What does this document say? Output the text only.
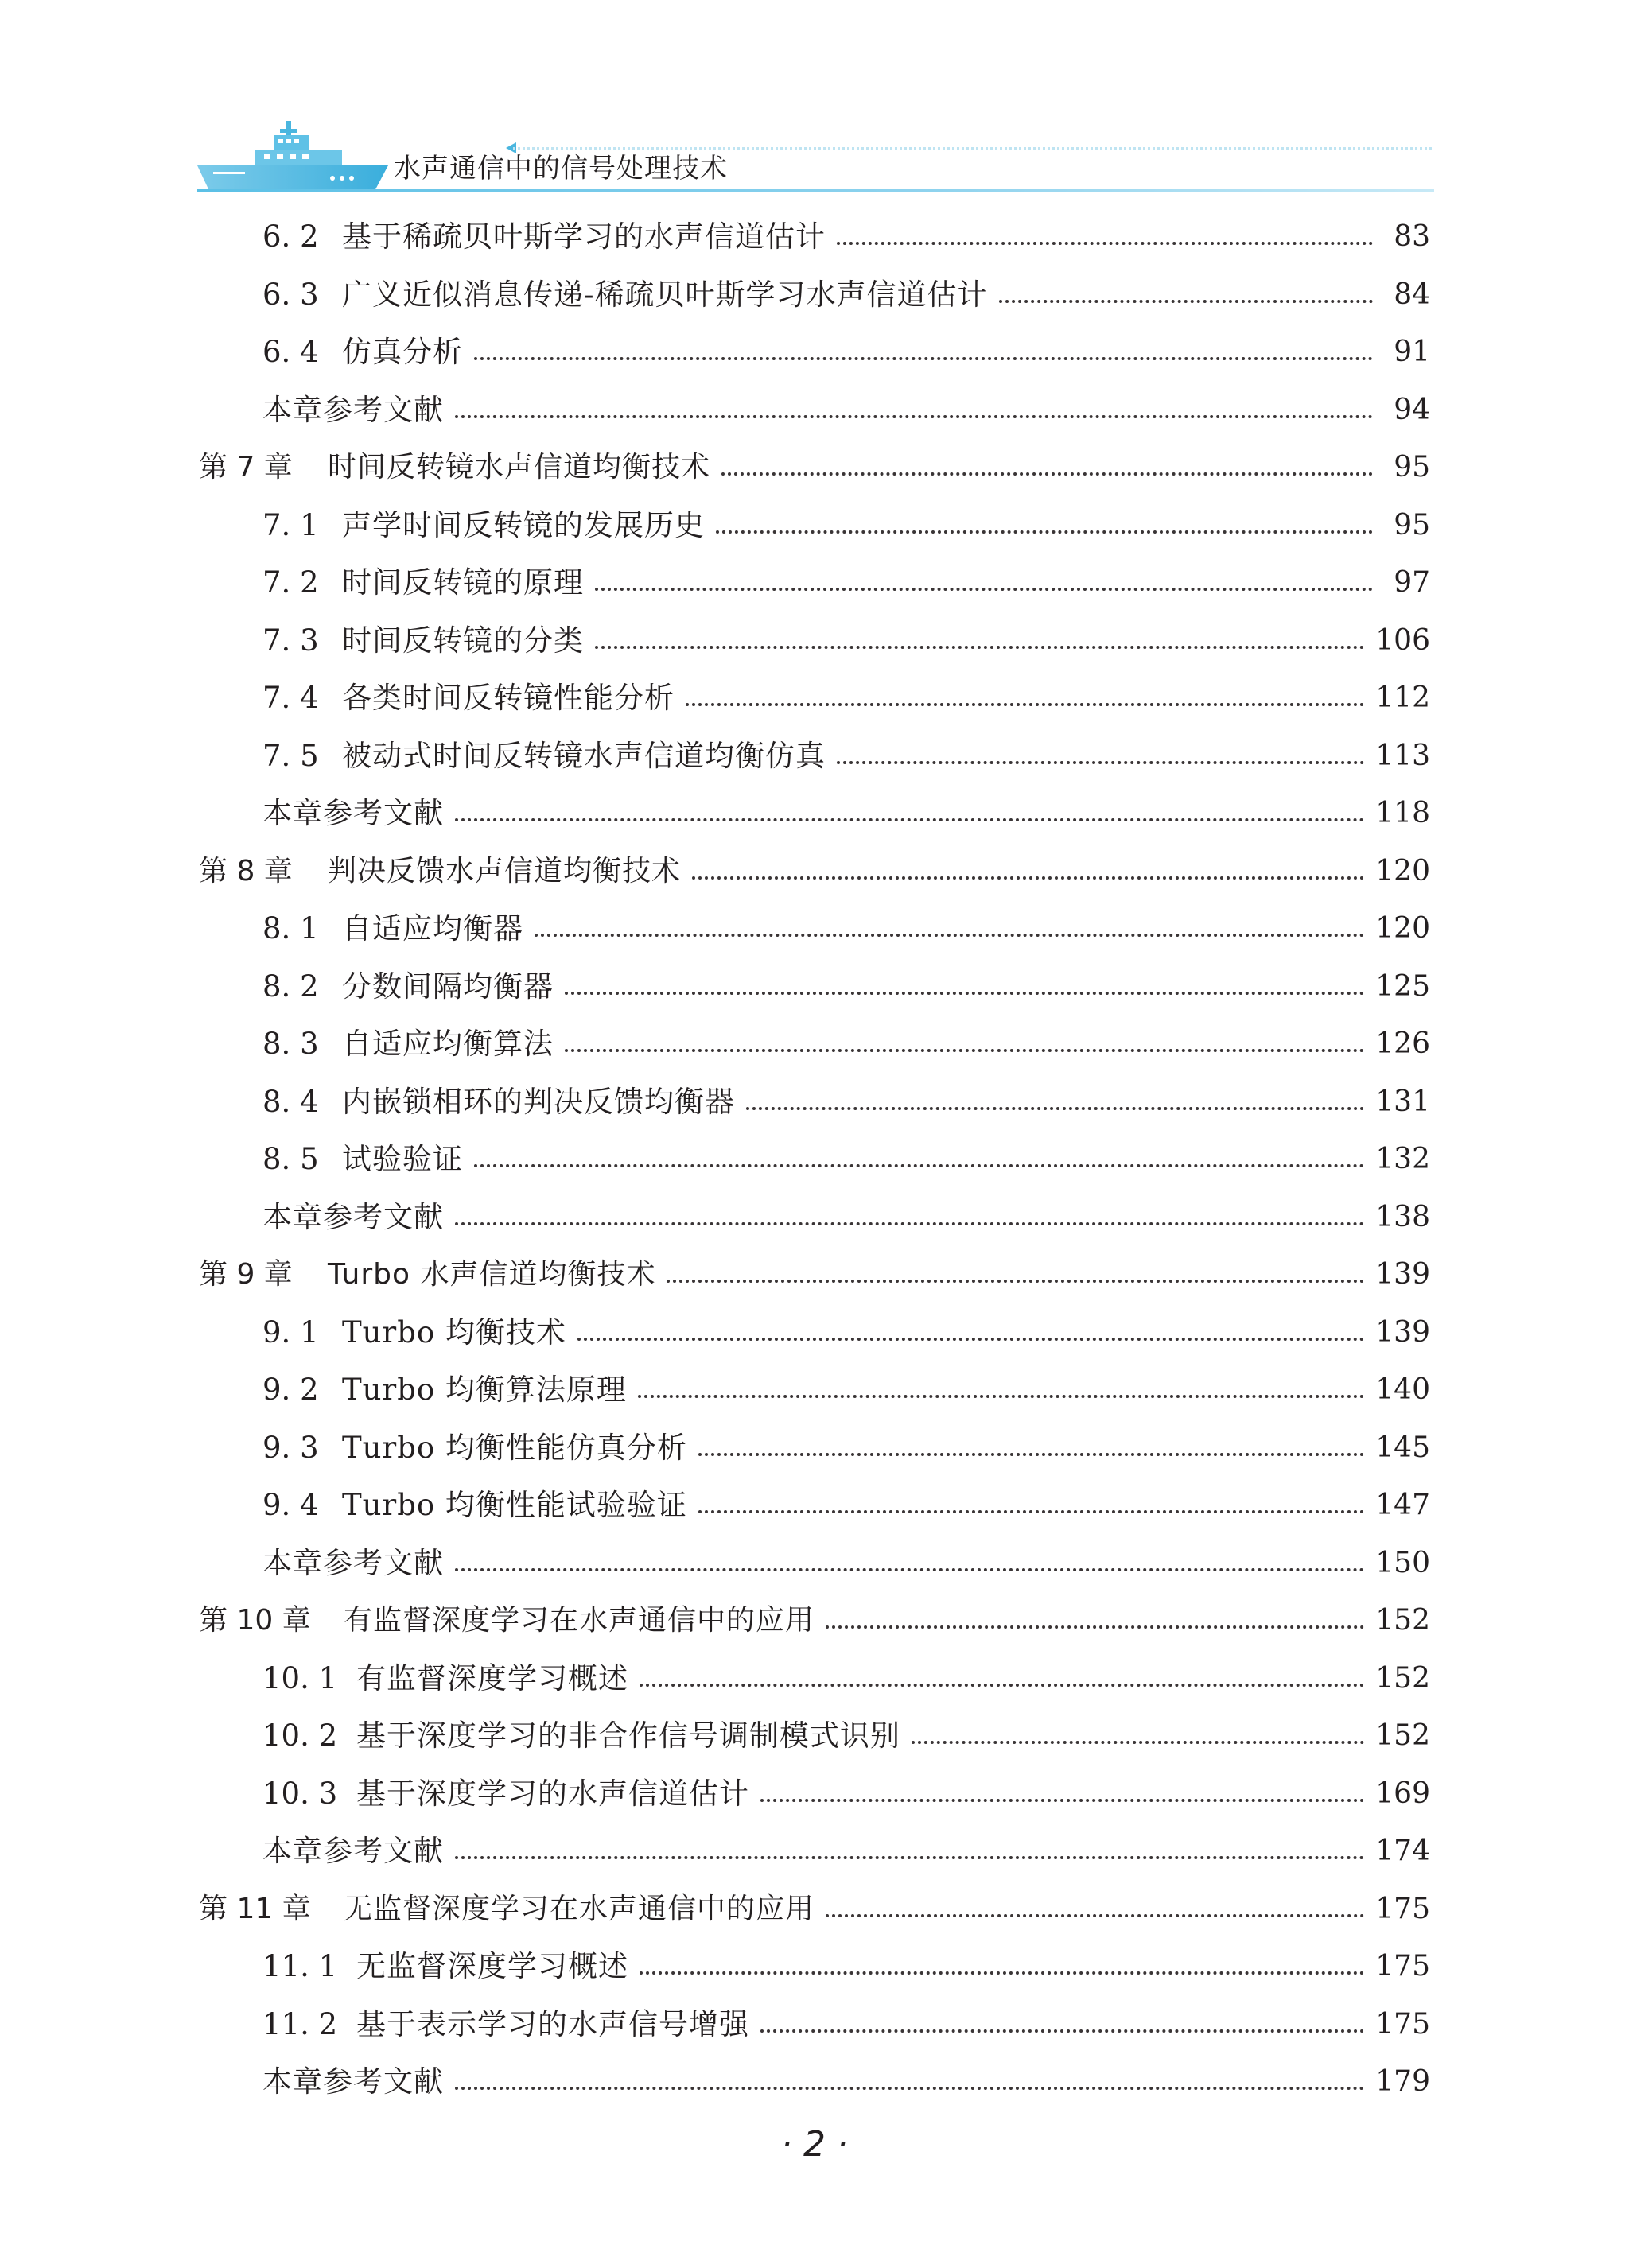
水声通信中的信号处理技术
6. 2 基于稀疏贝叶斯学习的水声信道估计	83
6. 3 广义近似消息传递-稀疏贝叶斯学习水声信道估计	84
6. 4 仿真分析	91
本章参考文献	94
第 7 章	时间反转镜水声信道均衡技术	95
7. 1 声学时间反转镜的发展历史	95
7. 2 时间反转镜的原理	97
7. 3 时间反转镜的分类	106
7. 4 各类时间反转镜性能分析	112
7. 5 被动式时间反转镜水声信道均衡仿真	113
本章参考文献	118
第 8 章	判决反馈水声信道均衡技术	120
8. 1 自适应均衡器	120
8. 2 分数间隔均衡器	125
8. 3 自适应均衡算法	126
8. 4 内嵌锁相环的判决反馈均衡器	131
8. 5 试验验证	132
本章参考文献	138
第 9 章	Turbo 水声信道均衡技术	139
9. 1 Turbo 均衡技术	139
9. 2 Turbo 均衡算法原理	140
9. 3 Turbo 均衡性能仿真分析	145
9. 4 Turbo 均衡性能试验验证	147
本章参考文献	150
第 10 章	有监督深度学习在水声通信中的应用	152
10. 1 有监督深度学习概述	152
10. 2 基于深度学习的非合作信号调制模式识别	152
10. 3 基于深度学习的水声信道估计	169
本章参考文献	174
第 11 章	无监督深度学习在水声通信中的应用	175
11. 1 无监督深度学习概述	175
11. 2 基于表示学习的水声信号增强	175
本章参考文献	179
· 2 ·
